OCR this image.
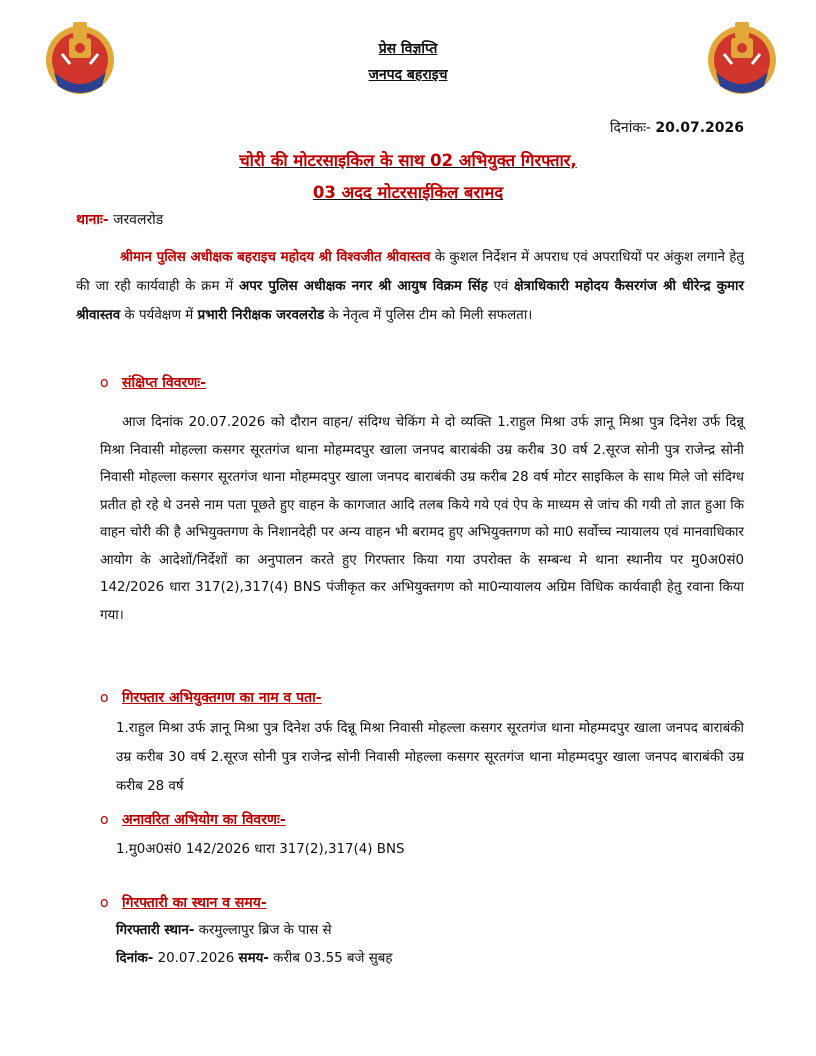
प्रेस विज्ञप्ति
जनपद बहराइच
दिनांकः- 20.07.2026
चोरी की मोटरसाइकिल के साथ 02 अभियुक्त गिरफ्तार,
03 अदद मोटरसाईकिल बरामद
थानाः- जरवलरोड
श्रीमान पुलिस अधीक्षक बहराइच महोदय श्री विश्वजीत श्रीवास्तव के कुशल निर्देशन में अपराध एवं अपराधियों पर अंकुश लगाने हेतु की जा रही कार्यवाही के क्रम में अपर पुलिस अधीक्षक नगर श्री आयुष विक्रम सिंह एवं क्षेत्राधिकारी महोदय कैसरगंज श्री धीरेन्द्र कुमार श्रीवास्तव के पर्यवेक्षण में प्रभारी निरीक्षक जरवलरोड के नेतृत्व में पुलिस टीम को मिली सफलता।
o संक्षिप्त विवरणः-
आज दिनांक 20.07.2026 को दौरान वाहन/ संदिग्ध चेकिंग मे दो व्यक्ति 1.राहुल मिश्रा उर्फ ज्ञानू मिश्रा पुत्र दिनेश उर्फ दिन्नू मिश्रा निवासी मोहल्ला कसगर सूरतगंज थाना मोहम्मदपुर खाला जनपद बाराबंकी उम्र करीब 30 वर्ष 2.सूरज सोनी पुत्र राजेन्द्र सोनी निवासी मोहल्ला कसगर सूरतगंज थाना मोहम्मदपुर खाला जनपद बाराबंकी उम्र करीब 28 वर्ष मोटर साइकिल के साथ मिले जो संदिग्ध प्रतीत हो रहे थे उनसे नाम पता पूछते हुए वाहन के कागजात आदि तलब किये गये एवं ऐप के माध्यम से जांच की गयी तो ज्ञात हुआ कि वाहन चोरी की है अभियुक्तगण के निशानदेही पर अन्य वाहन भी बरामद हुए अभियुक्तगण को मा0 सर्वोच्च न्यायालय एवं मानवाधिकार आयोग के आदेशों/निर्देशों का अनुपालन करते हुए गिरफ्तार किया गया उपरोक्त के सम्बन्ध मे थाना स्थानीय पर मु0अ0सं0 142/2026 धारा 317(2),317(4) BNS पंजीकृत कर अभियुक्तगण को मा0न्यायालय अग्रिम विधिक कार्यवाही हेतु रवाना किया गया।
o गिरफ्तार अभियुक्तगण का नाम व पता-
1.राहुल मिश्रा उर्फ ज्ञानू मिश्रा पुत्र दिनेश उर्फ दिन्नू मिश्रा निवासी मोहल्ला कसगर सूरतगंज थाना मोहम्मदपुर खाला जनपद बाराबंकी उम्र करीब 30 वर्ष 2.सूरज सोनी पुत्र राजेन्द्र सोनी निवासी मोहल्ला कसगर सूरतगंज थाना मोहम्मदपुर खाला जनपद बाराबंकी उम्र करीब 28 वर्ष
o अनावरित अभियोग का विवरणः-
1.मु0अ0सं0 142/2026 धारा 317(2),317(4) BNS
o गिरफ्तारी का स्थान व समय-
गिरफ्तारी स्थान- करमुल्लापुर ब्रिज के पास से
दिनांक- 20.07.2026 समय- करीब 03.55 बजे सुबह
